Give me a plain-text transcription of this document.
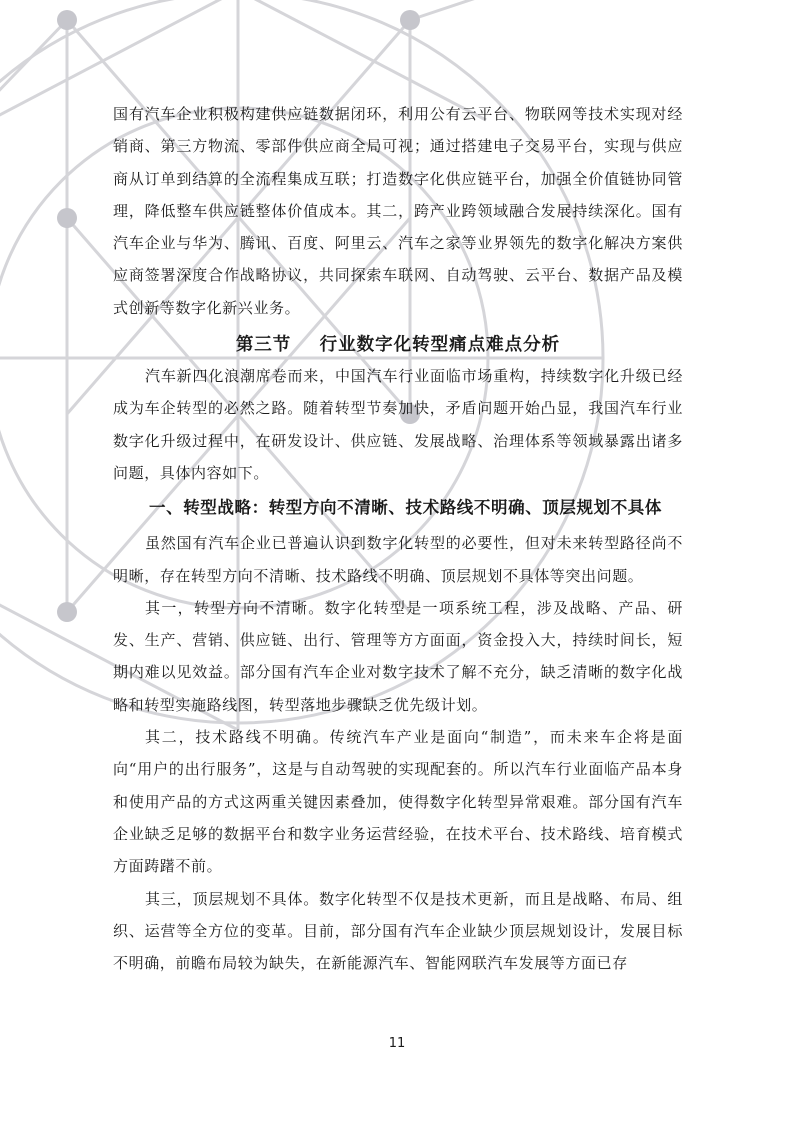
国有汽车企业积极构建供应链数据闭环，利用公有云平台、物联网等技术实现对经销商、第三方物流、零部件供应商全局可视；通过搭建电子交易平台，实现与供应商从订单到结算的全流程集成互联；打造数字化供应链平台，加强全价值链协同管理，降低整车供应链整体价值成本。其二，跨产业跨领域融合发展持续深化。国有汽车企业与华为、腾讯、百度、阿里云、汽车之家等业界领先的数字化解决方案供应商签署深度合作战略协议，共同探索车联网、自动驾驶、云平台、数据产品及模式创新等数字化新兴业务。

第三节    行业数字化转型痛点难点分析

汽车新四化浪潮席卷而来，中国汽车行业面临市场重构，持续数字化升级已经成为车企转型的必然之路。随着转型节奏加快，矛盾问题开始凸显，我国汽车行业数字化升级过程中，在研发设计、供应链、发展战略、治理体系等领域暴露出诸多问题，具体内容如下。

一、转型战略：转型方向不清晰、技术路线不明确、顶层规划不具体

虽然国有汽车企业已普遍认识到数字化转型的必要性，但对未来转型路径尚不明晰，存在转型方向不清晰、技术路线不明确、顶层规划不具体等突出问题。

其一，转型方向不清晰。数字化转型是一项系统工程，涉及战略、产品、研发、生产、营销、供应链、出行、管理等方方面面，资金投入大，持续时间长，短期内难以见效益。部分国有汽车企业对数字技术了解不充分，缺乏清晰的数字化战略和转型实施路线图，转型落地步骤缺乏优先级计划。

其二，技术路线不明确。传统汽车产业是面向“制造”，而未来车企将是面向“用户的出行服务”，这是与自动驾驶的实现配套的。所以汽车行业面临产品本身和使用产品的方式这两重关键因素叠加，使得数字化转型异常艰难。部分国有汽车企业缺乏足够的数据平台和数字业务运营经验，在技术平台、技术路线、培育模式方面踌躇不前。

其三，顶层规划不具体。数字化转型不仅是技术更新，而且是战略、布局、组织、运营等全方位的变革。目前，部分国有汽车企业缺少顶层规划设计，发展目标不明确，前瞻布局较为缺失，在新能源汽车、智能网联汽车发展等方面已存

11
